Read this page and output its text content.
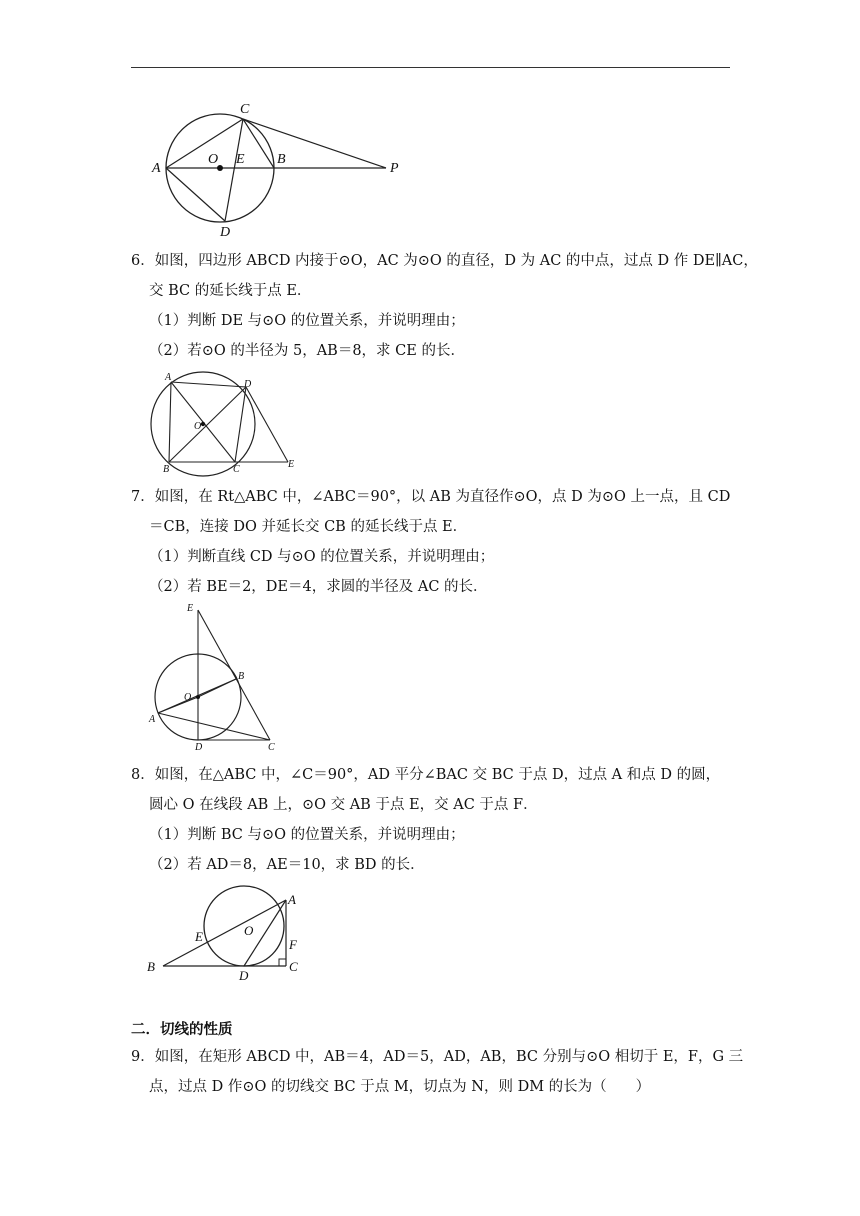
A
O E B
C
D
P
6．如图，四边形 ABCD 内接于⊙O，AC 为⊙O 的直径，D 为 AC 的中点，过点 D 作 DE∥AC，
交 BC 的延长线于点 E．
（1）判断 DE 与⊙O 的位置关系，并说明理由；
（2）若⊙O 的半径为 5，AB＝8，求 CE 的长．
A
D
O
B	C	E
7．如图，在 Rt△ABC 中，∠ABC＝90°，以 AB 为直径作⊙O，点 D 为⊙O 上一点，且 CD
＝CB，连接 DO 并延长交 CB 的延长线于点 E．
（1）判断直线 CD 与⊙O 的位置关系，并说明理由；
（2）若 BE＝2，DE＝4，求圆的半径及 AC 的长．
E
B
O
A
D	C
8．如图，在△ABC 中，∠C＝90°，AD 平分∠BAC 交 BC 于点 D，过点 A 和点 D 的圆，
圆心 O 在线段 AB 上，⊙O 交 AB 于点 E，交 AC 于点 F．
（1）判断 BC 与⊙O 的位置关系，并说明理由；
（2）若 AD＝8，AE＝10，求 BD 的长．
A
E	O
F
B
D
C
二．切线的性质
9．如图，在矩形 ABCD 中，AB＝4，AD＝5，AD，AB，BC 分别与⊙O 相切于 E，F，G 三
点，过点 D 作⊙O 的切线交 BC 于点 M，切点为 N，则 DM 的长为（　　）
